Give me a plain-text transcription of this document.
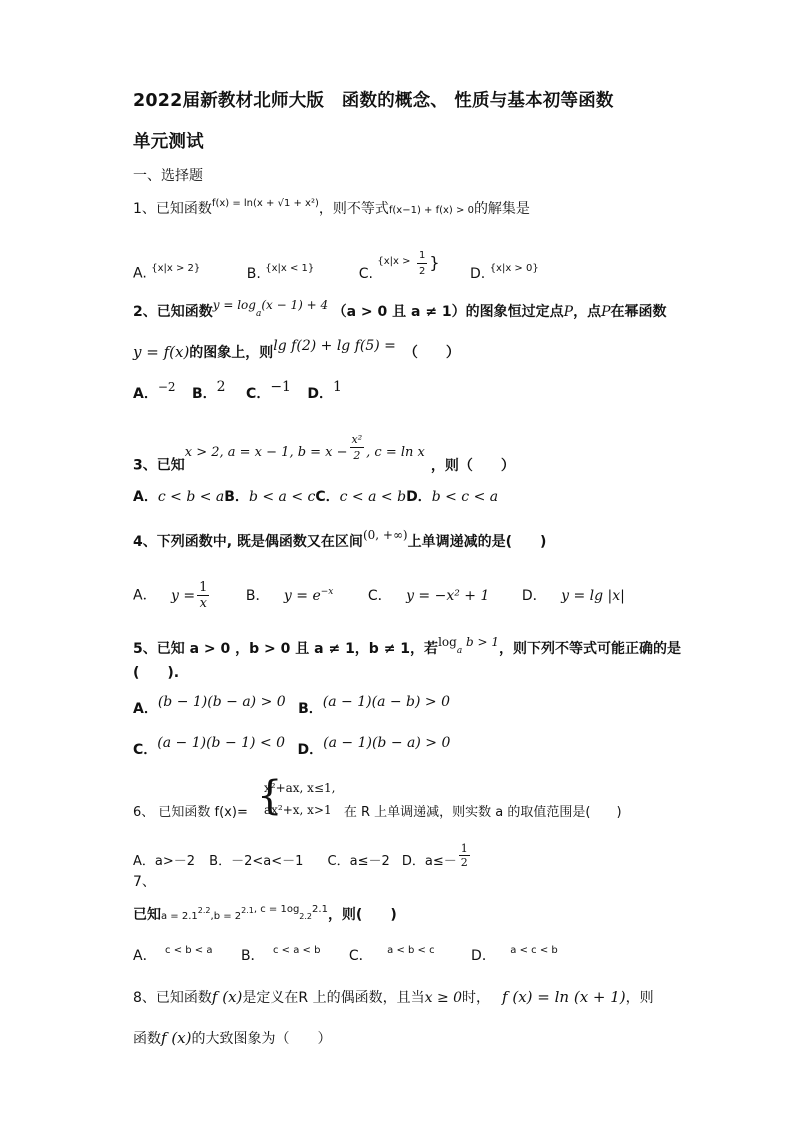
2022届新教材北师大版　函数的概念、 性质与基本初等函数
单元测试
一、选择题
1、已知函数$^{f(x) = ln(x + √1 + x^2)}$，则不等式f(x−1) + f(x) > 0的解集是
A. $^{\{x|x > 2\}}$	B. $^{\{x|x < 1\}}$	C. $^{\{x|x >} \frac{1}{2}$ } D. $^{\{x|x > 0\}}$
2、已知函数y = loga(x − 1) + 4 （a > 0 且 a ≠ 1）的图象恒过定点P，点P在幂函数
y = f(x)的图象上，则lg f(2) + lg f(5) = （　　）
A．−2 B．2 C．−1 D．1
3、已知x > 2, a = x − 1, $b = x - \frac{\text{x²}}{2}$ , c = ln x，则（　　）
A．c < b < aB．b < a < cC．c < a < bD．b < c < a
4、下列函数中, 既是偶函数又在区间(0, +∞)上单调递减的是(　　)
A． $y = \frac{1}{x}$	B． $y = e^{-x}$ C． y = −x² + 1 D． y = lg |x|
5、已知 a > 0 ，b > 0 且 a ≠ 1，b ≠ 1，若loga b > 1，则下列不等式可能正确的是
(　　).
A．(b − 1)(b − a) > 0 B．(a − 1)(a − b) > 0
C．(a − 1)(b − 1) < 0 D．(a − 1)(b − a) > 0
x²+ax, x≤1,
ax²+x, x>1
{
6、 已知函数 f(x)=	在 R 上单调递减，则实数 a 的取值范围是(　　)
A．a>－2 B．－2<a<－1 C．a≤－2 D．$a\le- \frac{1}{2}$
7、
已知$a = 2.1^{2.2},b = 2^{2.1, c = 1og}2.2^{2.1}$，则(　　)
A． $^{c < b < a}$ B． $^{c < a < b}$ C． $^{a < b < c}$	D． $^{a < c < b}$
8、已知函数f (x)是定义在R 上的偶函数，且当x ≥ 0时， f (x) = ln (x + 1)，则
函数f (x)的大致图象为（　　）
